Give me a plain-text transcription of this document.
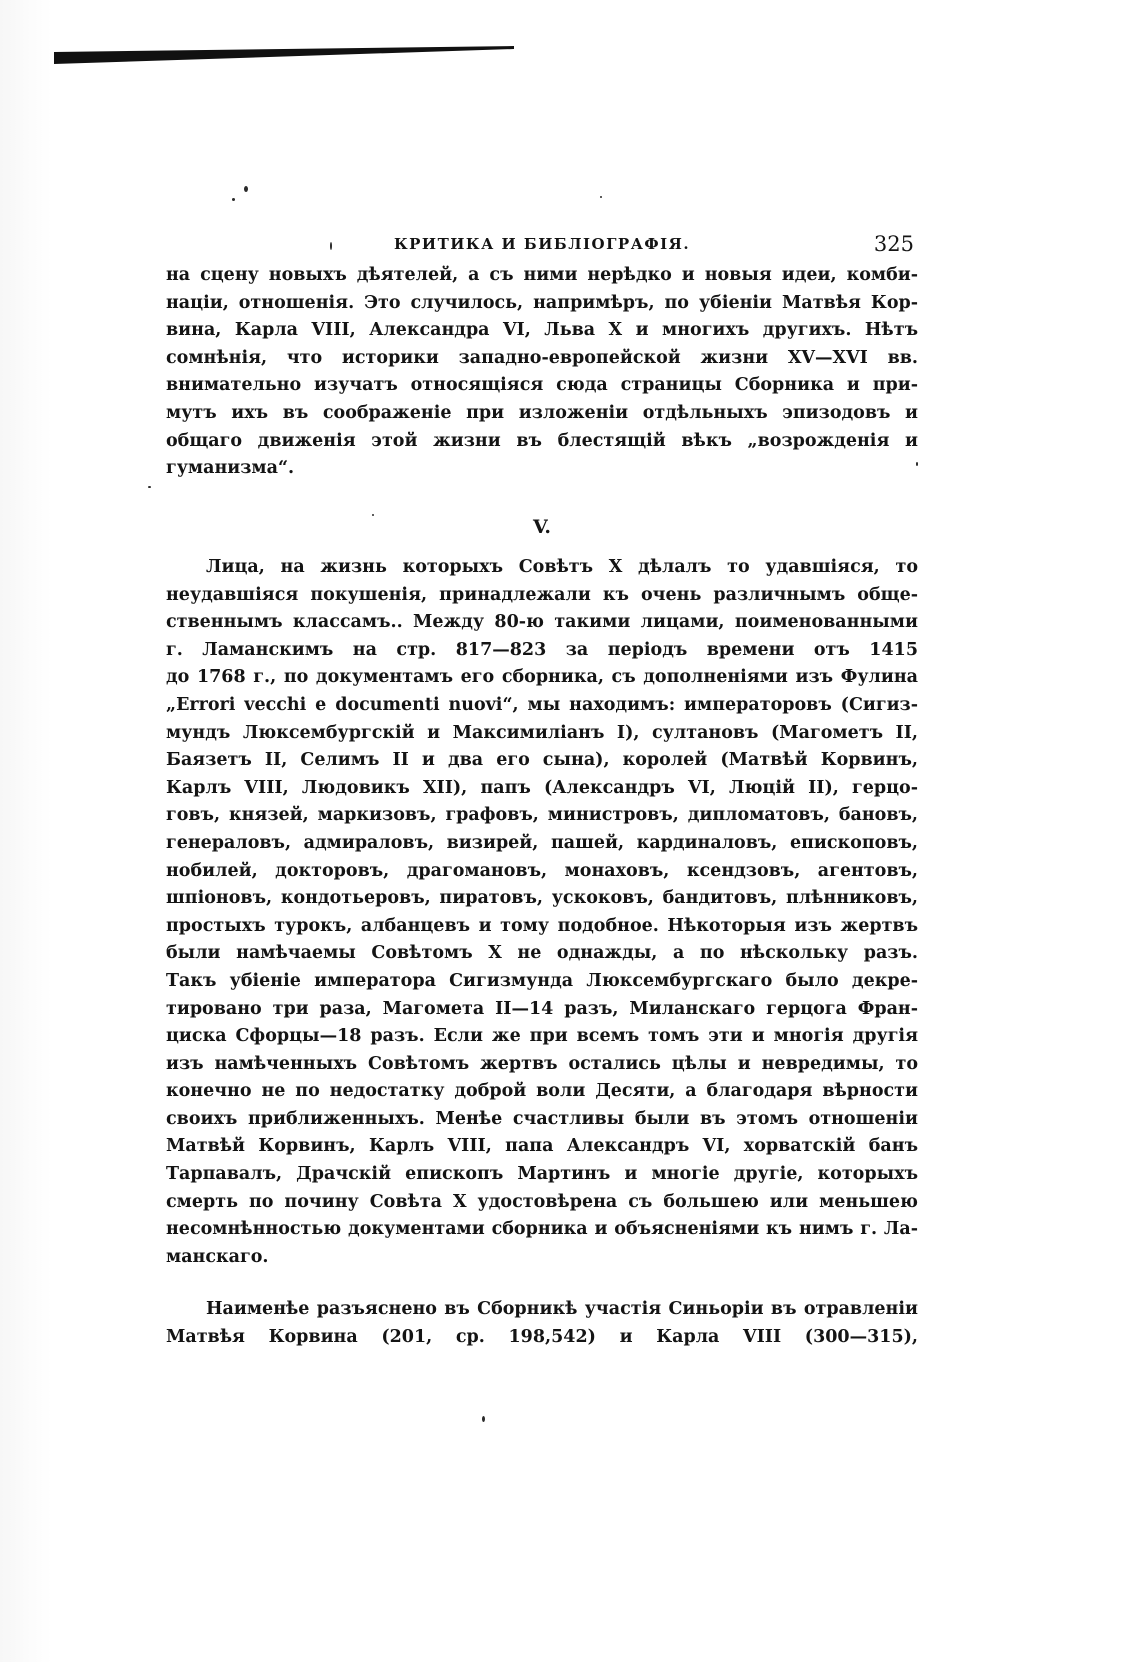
КРИТИКА И БИБЛІОГРАФІЯ.	325
на сцену новыхъ дѣятелей, а съ ними нерѣдко и новыя идеи, комби-
націи, отношенія. Это случилось, напримѣръ, по убіеніи Матвѣя Кор-
вина, Карла VIII, Александра VI, Льва X и многихъ другихъ. Нѣтъ
сомнѣнія, что историки западно-европейской жизни XV—XVI вв.
внимательно изучатъ относящіяся сюда страницы Сборника и при-
мутъ ихъ въ соображеніе при изложеніи отдѣльныхъ эпизодовъ и
общаго движенія этой жизни въ блестящій вѣкъ „возрожденія и
гуманизма“.
V.
Лица, на жизнь которыхъ Совѣтъ X дѣлалъ то удавшіяся, то
неудавшіяся покушенія, принадлежали къ очень различнымъ обще-
ственнымъ классамъ.. Между 80-ю такими лицами, поименованными
г. Ламанскимъ на стр. 817—823 за періодъ времени отъ 1415
до 1768 г., по документамъ его сборника, съ дополненіями изъ Фулина
„Errori vecchi e documenti nuovi“, мы находимъ: императоровъ (Сигиз-
мундъ Люксембургскій и Максимиліанъ I), султановъ (Магометъ II,
Баязетъ II, Селимъ II и два его сына), королей (Матвѣй Корвинъ,
Карлъ VIII, Людовикъ XII), папъ (Александръ VI, Люцій II), герцо-
говъ, князей, маркизовъ, графовъ, министровъ, дипломатовъ, бановъ,
генераловъ, адмираловъ, визирей, пашей, кардиналовъ, епископовъ,
нобилей, докторовъ, драгомановъ, монаховъ, ксендзовъ, агентовъ,
шпіоновъ, кондотьеровъ, пиратовъ, ускоковъ, бандитовъ, плѣнниковъ,
простыхъ турокъ, албанцевъ и тому подобное. Нѣкоторыя изъ жертвъ
были намѣчаемы Совѣтомъ X не однажды, а по нѣскольку разъ.
Такъ убіеніе императора Сигизмунда Люксембургскаго было декре-
тировано три раза, Магомета II—14 разъ, Миланскаго герцога Фран-
циска Сфорцы—18 разъ. Если же при всемъ томъ эти и многія другія
изъ намѣченныхъ Совѣтомъ жертвъ остались цѣлы и невредимы, то
конечно не по недостатку доброй воли Десяти, а благодаря вѣрности
своихъ приближенныхъ. Менѣе счастливы были въ этомъ отношеніи
Матвѣй Корвинъ, Карлъ VIII, папа Александръ VI, хорватскій банъ
Тарпавалъ, Драчскій епископъ Мартинъ и многіе другіе, которыхъ
смерть по почину Совѣта X удостовѣрена съ большею или меньшею
несомнѣнностью документами сборника и объясненіями къ нимъ г. Ла-
манскаго.
Наименѣе разъяснено въ Сборникѣ участія Синьоріи въ отравленіи
Матвѣя Корвина (201, ср. 198,542) и Карла VIII (300—315),
